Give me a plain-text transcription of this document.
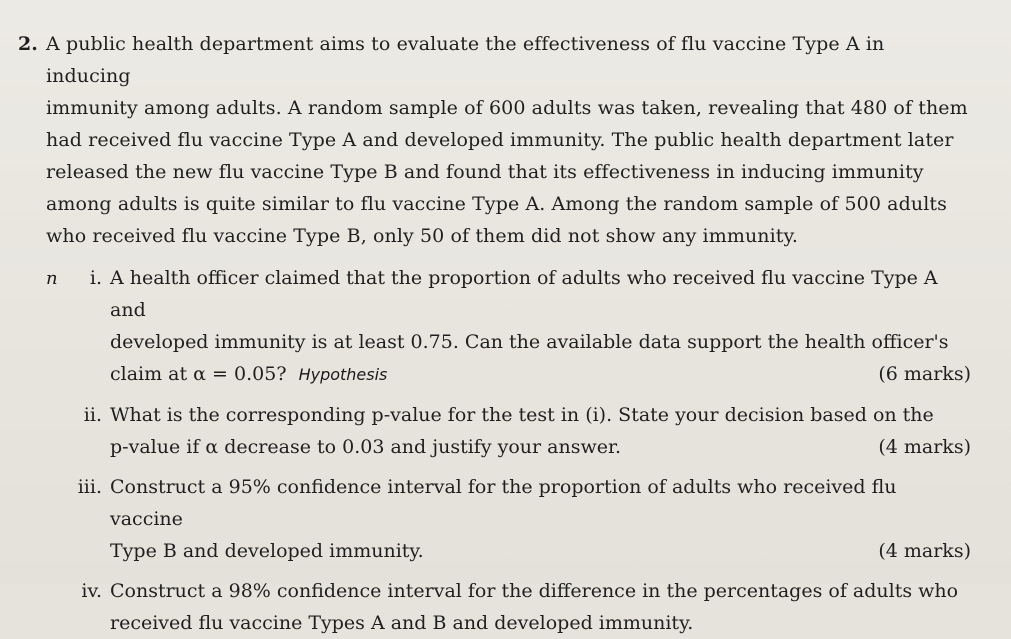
2. A public health department aims to evaluate the effectiveness of flu vaccine Type A in inducing
immunity among adults. A random sample of 600 adults was taken, revealing that 480 of them
had received flu vaccine Type A and developed immunity. The public health department later
released the new flu vaccine Type B and found that its effectiveness in inducing immunity
among adults is quite similar to flu vaccine Type A. Among the random sample of 500 adults
who received flu vaccine Type B, only 50 of them did not show any immunity.
n	i. A health officer claimed that the proportion of adults who received flu vaccine Type A and
developed immunity is at least 0.75. Can the available data support the health officer's
claim at α = 0.05? Hypothesis	(6 marks)
ii. What is the corresponding p-value for the test in (i). State your decision based on the
p-value if α decrease to 0.03 and justify your answer.	(4 marks)
iii. Construct a 95% confidence interval for the proportion of adults who received flu vaccine
Type B and developed immunity.	(4 marks)
iv. Construct a 98% confidence interval for the difference in the percentages of adults who
received flu vaccine Types A and B and developed immunity.
